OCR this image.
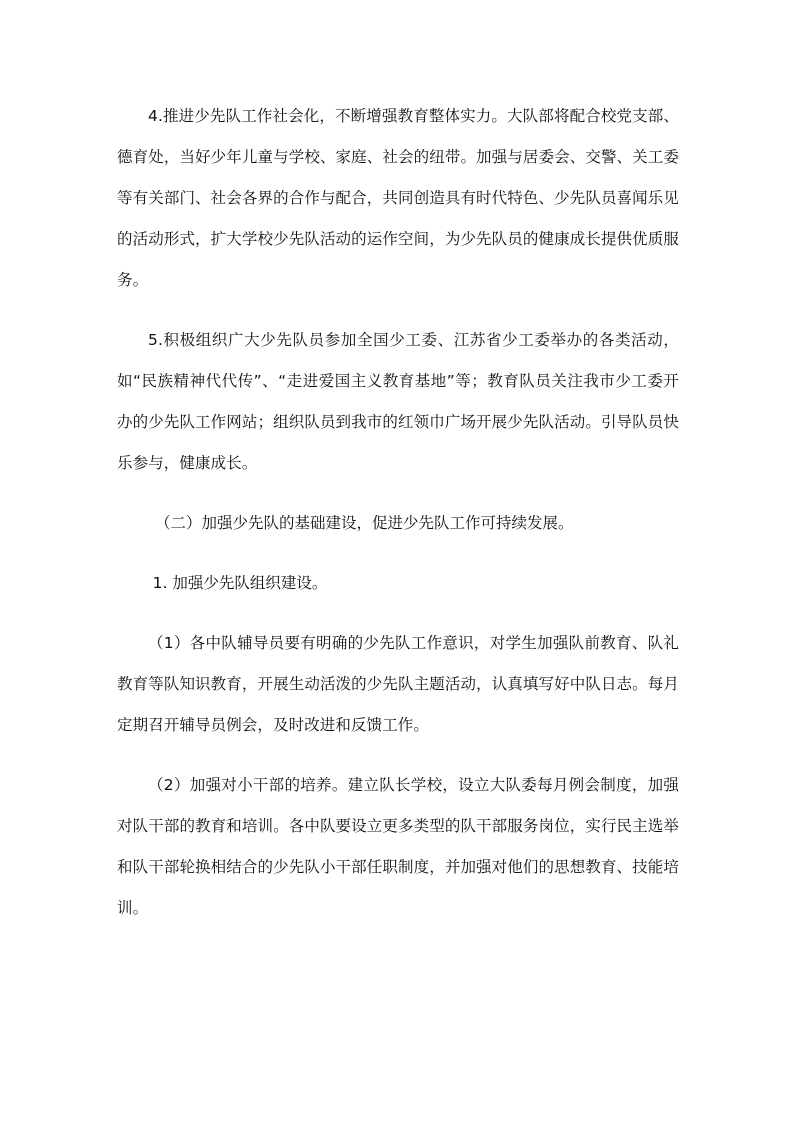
4.推进少先队工作社会化，不断增强教育整体实力。大队部将配合校党支部、德育处，当好少年儿童与学校、家庭、社会的纽带。加强与居委会、交警、关工委等有关部门、社会各界的合作与配合，共同创造具有时代特色、少先队员喜闻乐见的活动形式，扩大学校少先队活动的运作空间，为少先队员的健康成长提供优质服务。

5.积极组织广大少先队员参加全国少工委、江苏省少工委举办的各类活动，如“民族精神代代传”、“走进爱国主义教育基地”等；教育队员关注我市少工委开办的少先队工作网站；组织队员到我市的红领巾广场开展少先队活动。引导队员快乐参与，健康成长。

（二）加强少先队的基础建设，促进少先队工作可持续发展。

1. 加强少先队组织建设。

（1）各中队辅导员要有明确的少先队工作意识，对学生加强队前教育、队礼教育等队知识教育，开展生动活泼的少先队主题活动，认真填写好中队日志。每月定期召开辅导员例会，及时改进和反馈工作。

（2）加强对小干部的培养。建立队长学校，设立大队委每月例会制度，加强对队干部的教育和培训。各中队要设立更多类型的队干部服务岗位，实行民主选举和队干部轮换相结合的少先队小干部任职制度，并加强对他们的思想教育、技能培训。
